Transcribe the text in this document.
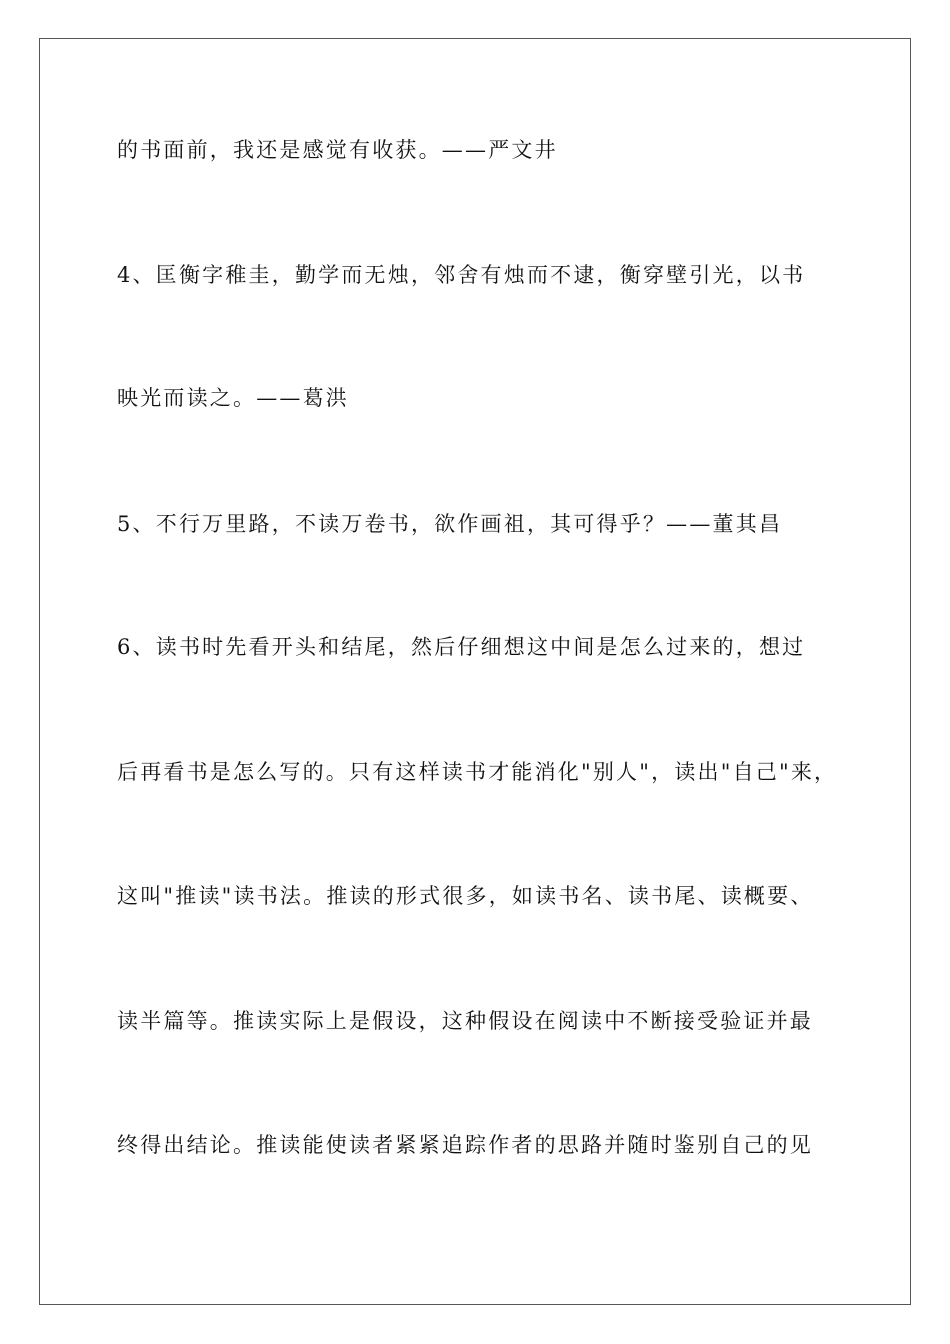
的书面前，我还是感觉有收获。——严文井
4、匡衡字稚圭，勤学而无烛，邻舍有烛而不逮，衡穿壁引光，以书
映光而读之。——葛洪
5、不行万里路，不读万卷书，欲作画祖，其可得乎？——董其昌
6、读书时先看开头和结尾，然后仔细想这中间是怎么过来的，想过
后再看书是怎么写的。只有这样读书才能消化"别人"，读出"自己"来，
这叫"推读"读书法。推读的形式很多，如读书名、读书尾、读概要、
读半篇等。推读实际上是假设，这种假设在阅读中不断接受验证并最
终得出结论。推读能使读者紧紧追踪作者的思路并随时鉴别自己的见
